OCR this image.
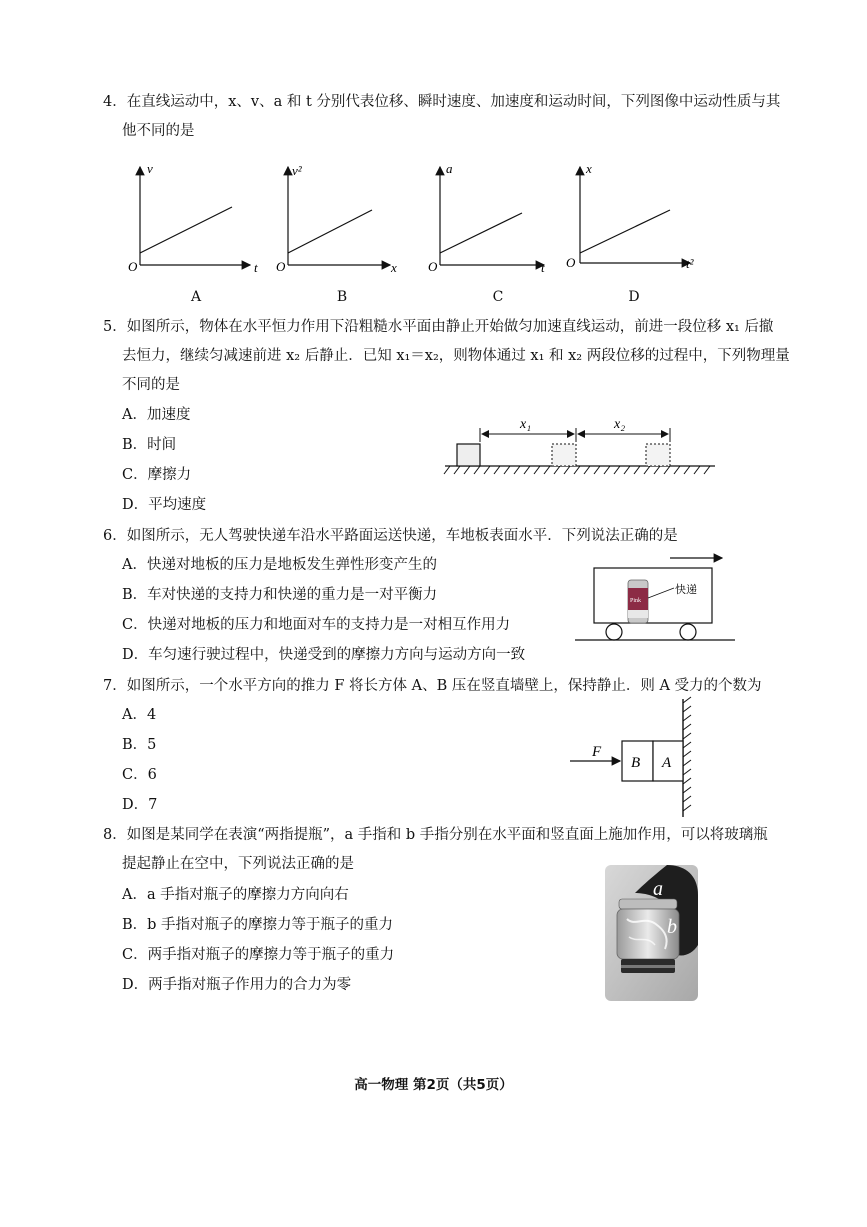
4．在直线运动中，x、v、a 和 t 分别代表位移、瞬时速度、加速度和运动时间，下列图像中运动性质与其
他不同的是
v
t
O
v²
x
O
a
t
O
x
t²
O
A	B	C	D
5．如图所示，物体在水平恒力作用下沿粗糙水平面由静止开始做匀加速直线运动，前进一段位移 x₁ 后撤
去恒力，继续匀减速前进 x₂ 后静止．已知 x₁＝x₂，则物体通过 x₁ 和 x₂ 两段位移的过程中，下列物理量
不同的是
A．加速度
B．时间
C．摩擦力
D．平均速度
x₁	x₂
6．如图所示，无人驾驶快递车沿水平路面运送快递，车地板表面水平．下列说法正确的是
A．快递对地板的压力是地板发生弹性形变产生的
B．车对快递的支持力和快递的重力是一对平衡力
C．快递对地板的压力和地面对车的支持力是一对相互作用力
D．车匀速行驶过程中，快递受到的摩擦力方向与运动方向一致
Pink
快递
7．如图所示，一个水平方向的推力 F 将长方体 A、B 压在竖直墙壁上，保持静止．则 A 受力的个数为
A．4
B．5
C．6
D．7
B A
F
8．如图是某同学在表演“两指提瓶”，a 手指和 b 手指分别在水平面和竖直面上施加作用，可以将玻璃瓶
提起静止在空中，下列说法正确的是
A．a 手指对瓶子的摩擦力方向向右
B．b 手指对瓶子的摩擦力等于瓶子的重力
C．两手指对瓶子的摩擦力等于瓶子的重力
D．两手指对瓶子作用力的合力为零
a
b
高一物理 第2页（共5页）
